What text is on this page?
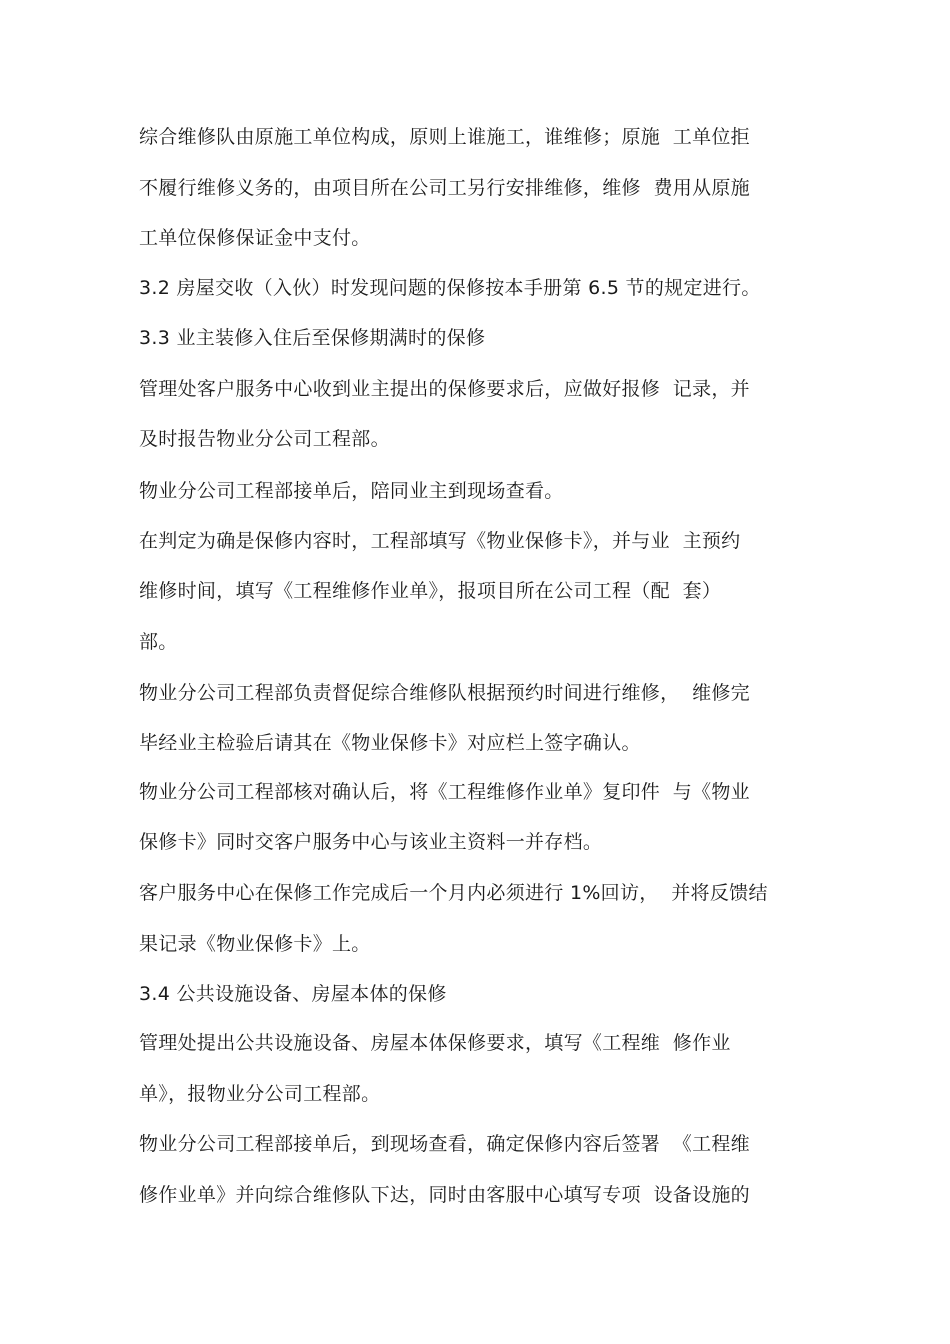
综合维修队由原施工单位构成，原则上谁施工，谁维修；原施  工单位拒
不履行维修义务的，由项目所在公司工另行安排维修，维修  费用从原施
工单位保修保证金中支付。
3.2 房屋交收（入伙）时发现问题的保修按本手册第 6.5 节的规定进行。
3.3 业主装修入住后至保修期满时的保修
管理处客户服务中心收到业主提出的保修要求后，应做好报修  记录，并
及时报告物业分公司工程部。
物业分公司工程部接单后，陪同业主到现场查看。
在判定为确是保修内容时，工程部填写《物业保修卡》，并与业  主预约
维修时间，填写《工程维修作业单》，报项目所在公司工程（配  套）
部。
物业分公司工程部负责督促综合维修队根据预约时间进行维修，  维修完
毕经业主检验后请其在《物业保修卡》对应栏上签字确认。
物业分公司工程部核对确认后，将《工程维修作业单》复印件  与《物业
保修卡》同时交客户服务中心与该业主资料一并存档。
客户服务中心在保修工作完成后一个月内必须进行 1%回访，  并将反馈结
果记录《物业保修卡》上。
3.4 公共设施设备、房屋本体的保修
管理处提出公共设施设备、房屋本体保修要求，填写《工程维  修作业
单》，报物业分公司工程部。
物业分公司工程部接单后，到现场查看，确定保修内容后签署  《工程维
修作业单》并向综合维修队下达，同时由客服中心填写专项  设备设施的
